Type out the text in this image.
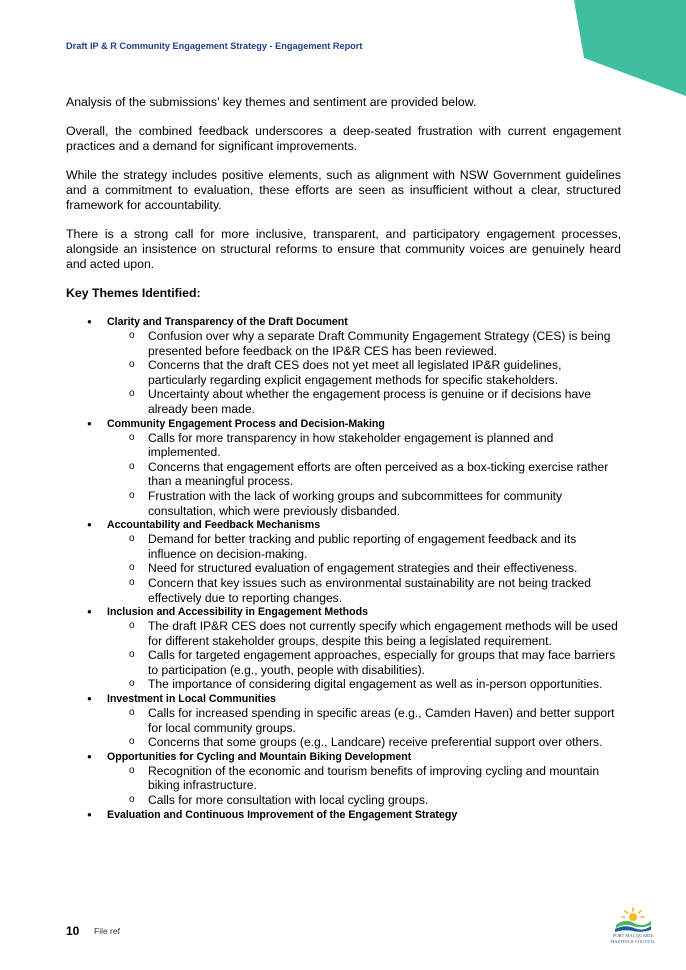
Draft IP & R Community Engagement Strategy - Engagement Report

Analysis of the submissions’ key themes and sentiment are provided below.

Overall, the combined feedback underscores a deep-seated frustration with current engagement practices and a demand for significant improvements.

While the strategy includes positive elements, such as alignment with NSW Government guidelines and a commitment to evaluation, these efforts are seen as insufficient without a clear, structured framework for accountability.

There is a strong call for more inclusive, transparent, and participatory engagement processes, alongside an insistence on structural reforms to ensure that community voices are genuinely heard and acted upon.

Key Themes Identified:
● Clarity and Transparency of the Draft Document
o Confusion over why a separate Draft Community Engagement Strategy (CES) is being presented before feedback on the IP&R CES has been reviewed.
o Concerns that the draft CES does not yet meet all legislated IP&R guidelines, particularly regarding explicit engagement methods for specific stakeholders.
o Uncertainty about whether the engagement process is genuine or if decisions have already been made.
● Community Engagement Process and Decision-Making
o Calls for more transparency in how stakeholder engagement is planned and implemented.
o Concerns that engagement efforts are often perceived as a box-ticking exercise rather than a meaningful process.
o Frustration with the lack of working groups and subcommittees for community consultation, which were previously disbanded.
● Accountability and Feedback Mechanisms
o Demand for better tracking and public reporting of engagement feedback and its influence on decision-making.
o Need for structured evaluation of engagement strategies and their effectiveness.
o Concern that key issues such as environmental sustainability are not being tracked effectively due to reporting changes.
● Inclusion and Accessibility in Engagement Methods
o The draft IP&R CES does not currently specify which engagement methods will be used for different stakeholder groups, despite this being a legislated requirement.
o Calls for targeted engagement approaches, especially for groups that may face barriers to participation (e.g., youth, people with disabilities).
o The importance of considering digital engagement as well as in-person opportunities.
● Investment in Local Communities
o Calls for increased spending in specific areas (e.g., Camden Haven) and better support for local community groups.
o Concerns that some groups (e.g., Landcare) receive preferential support over others.
● Opportunities for Cycling and Mountain Biking Development
o Recognition of the economic and tourism benefits of improving cycling and mountain biking infrastructure.
o Calls for more consultation with local cycling groups.
● Evaluation and Continuous Improvement of the Engagement Strategy
10 File ref	PORT MACQUARIE
HASTINGS COUNCIL
